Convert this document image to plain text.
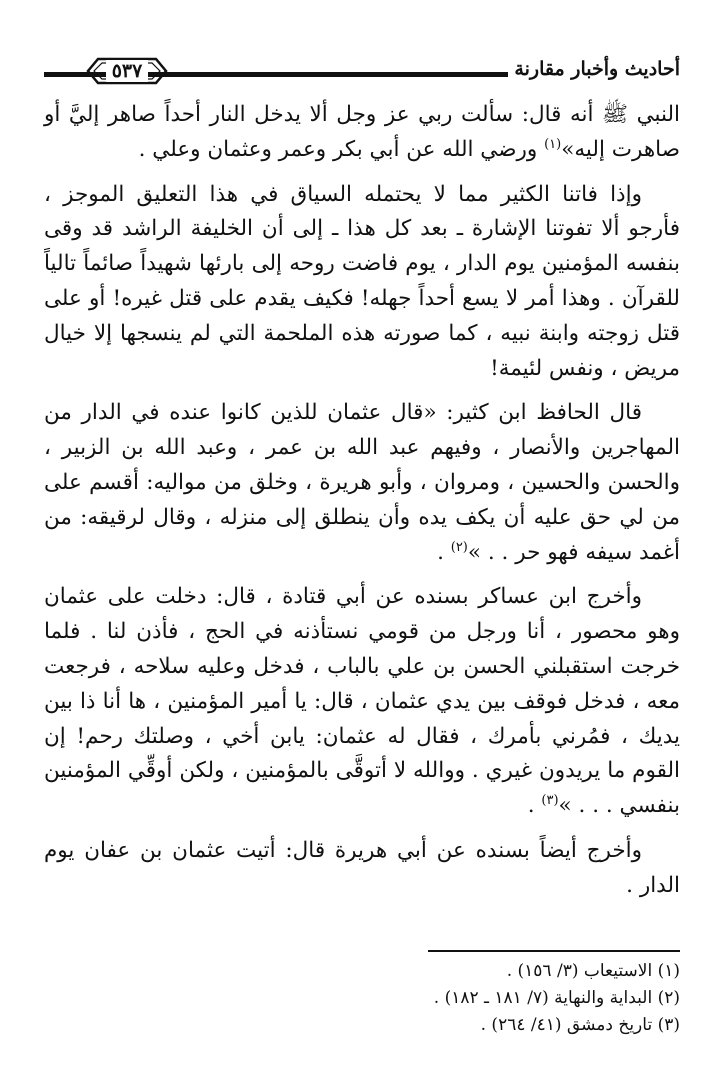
٥٣٧	أحاديث وأخبار مقارنة

النبي ﷺ أنه قال: سألت ربي عز وجل ألا يدخل النار أحداً صاهر إليَّ أو صاهرت إليه»$^{(١)}$ ورضي الله عن أبي بكر وعمر وعثمان وعلي .

وإذا فاتنا الكثير مما لا يحتمله السياق في هذا التعليق الموجز ، فأرجو ألا تفوتنا الإشارة ـ بعد كل هذا ـ إلى أن الخليفة الراشد قد وقى بنفسه المؤمنين يوم الدار ، يوم فاضت روحه إلى بارئها شهيداً صائماً تالياً للقرآن . وهذا أمر لا يسع أحداً جهله! فكيف يقدم على قتل غيره! أو على قتل زوجته وابنة نبيه ، كما صورته هذه الملحمة التي لم ينسجها إلا خيال مريض ، ونفس لئيمة!

قال الحافظ ابن كثير: «قال عثمان للذين كانوا عنده في الدار من المهاجرين والأنصار ، وفيهم عبد الله بن عمر ، وعبد الله بن الزبير ، والحسن والحسين ، ومروان ، وأبو هريرة ، وخلق من مواليه: أقسم على من لي حق عليه أن يكف يده وأن ينطلق إلى منزله ، وقال لرقيقه: من أغمد سيفه فهو حر . . »$^{(٢)}$ .

وأخرج ابن عساكر بسنده عن أبي قتادة ، قال: دخلت على عثمان وهو محصور ، أنا ورجل من قومي نستأذنه في الحج ، فأذن لنا . فلما خرجت استقبلني الحسن بن علي بالباب ، فدخل وعليه سلاحه ، فرجعت معه ، فدخل فوقف بين يدي عثمان ، قال: يا أمير المؤمنين ، ها أنا ذا بين يديك ، فمُرني بأمرك ، فقال له عثمان: يابن أخي ، وصلتك رحم! إن القوم ما يريدون غيري . ووالله لا أتوقَّى بالمؤمنين ، ولكن أوقِّي المؤمنين بنفسي . . . »$^{(٣)}$ .

وأخرج أيضاً بسنده عن أبي هريرة قال: أتيت عثمان بن عفان يوم الدار .

(١) الاستيعاب (٣/ ١٥٦) .

(٢) البداية والنهاية (٧/ ١٨١ ـ ١٨٢) .

(٣) تاريخ دمشق (٤١/ ٢٦٤) .
